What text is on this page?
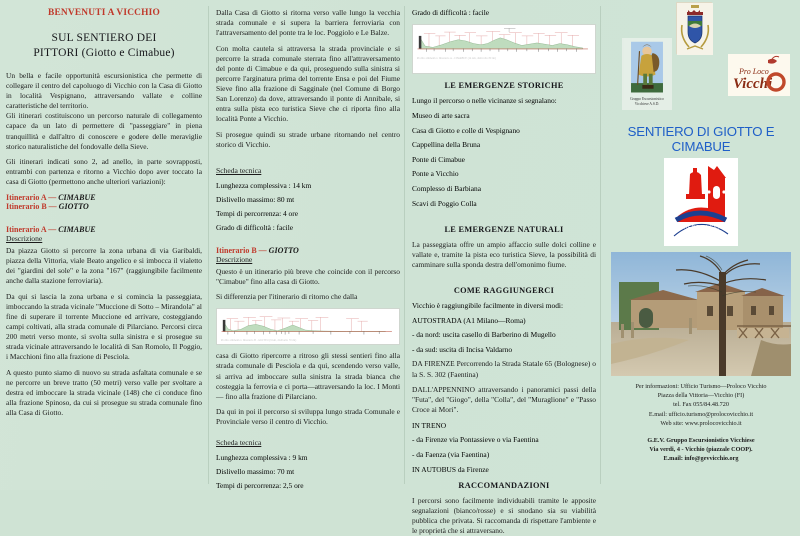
BENVENUTI A VICCHIO
SUL SENTIERO DEI
PITTORI (Giotto e Cimabue)

Un bella e facile opportunità escursionistica che permette di collegare il centro del capoluogo di Vicchio con la Casa di Giotto in località Vespignano, attraversando vallate e colline caratteristiche del territorio.

Gli itinerari costituiscono un percorso naturale di collegamento capace da un lato di permettere di "passeggiare" in piena tranquillità e dall'altro di conoscere e godere delle meraviglie storico naturalistiche del fondovalle della Sieve.

Gli itinerari indicati sono 2, ad anello, in parte sovrapposti, entrambi con partenza e ritorno a Vicchio dopo aver toccato la casa di Giotto (permettono anche ulteriori variazioni):

Itinerario A — CIMABUE
Itinerario B — GIOTTO
Itinerario A — CIMABUE
Descrizione

Da piazza Giotto si percorre la zona urbana di via Garibaldi, piazza della Vittoria, viale Beato angelico e si imbocca il vialetto dei "giardini del sole" e la zona "167" (raggiungibile facilmente anche dalla stazione ferroviaria).

Da qui si lascia la zona urbana e si comincia la passeggiata, imboccando la strada vicinale "Muccione di Sotto – Mirandola" al fine di superare il torrente Muccione ed arrivare, costeggiando campi coltivati, alla strada comunale di Pilarciano. Percorsi circa 200 metri verso monte, si svolta sulla sinistra e si prosegue su strada vicinale attraversando le località di San Romolo, Il Poggio, i Macchioni fino alla frazione di Pesciola.

A questo punto siamo di nuovo su strada asfaltata comunale e se ne percorre un breve tratto (50 metri) verso valle per svoltare a destra ed imboccare la strada vicinale (148) che ci conduce fino alla frazione Spinoso, da cui si prosegue su strada comunale fino alla Casa di Giotto.

Dalla Casa di Giotto si ritorna verso valle lungo la vecchia strada comunale e si supera la barriera ferroviaria con l'attraversamento del ponte tra le loc. Poggiolo e Le Balze.

Con molta cautela si attraversa la strada provinciale e si percorre la strada comunale sterrata fino all'attraversamento del ponte di Cimabue e da qui, proseguendo sulla sinistra si percorre l'arginatura prima del torrente Ensa e poi del Fiume Sieve fino alla frazione di Sagginale (nel Comune di Borgo San Lorenzo) da dove, attraversando il ponte di Annibale, si entra sulla pista eco turistica Sieve che ci riporta fino alla località Ponte a Vicchio.

Si prosegue quindi su strade urbane ritornando nel centro storico di Vicchio.

Scheda tecnica
Lunghezza complessiva : 14 km
Dislivello massimo: 80 mt
Tempi di percorrenza: 4 ore
Grado di difficoltà : facile
Itinerario B — GIOTTO
Descrizione

Questo è un itinerario più breve che coincide con il percorso "Cimabue" fino alla casa di Giotto.

Si differenzia per l'itinerario di ritorno che dalla

Profilo altimetrico Itinerario B - GIOTTO (9 km, dislivello 70 mt)

casa di Giotto ripercorre a ritroso gli stessi sentieri fino alla strada comunale di Pesciola e da qui, scendendo verso valle, si arriva ad imboccare sulla sinistra la strada bianca che costeggia la ferrovia e ci porta—attraversando la loc. I Monti — fino alla frazione di Pilarciano.

Da qui in poi il percorso si sviluppa lungo strada Comunale e Provinciale verso il centro di Vicchio.

Scheda tecnica
Lunghezza complessiva : 9 km
Dislivello massimo: 70 mt
Tempi di percorrenza: 2,5 ore
Grado di difficoltà : facile
Profilo altimetrico Itinerario A - CIMABUE (14 km, dislivello 80 mt)
LE EMERGENZE STORICHE
Lungo il percorso o nelle vicinanze si segnalano:
Museo di arte sacra
Casa di Giotto e colle di Vespignano
Cappellina della Bruna
Ponte di Cimabue
Ponte a Vicchio
Complesso di Barbiana
Scavi di Poggio Colla
LE EMERGENZE NATURALI

La passeggiata offre un ampio affaccio sulle dolci colline e vallate e, tramite la pista eco turistica Sieve, la possibilità di camminare sulla sponda destra dell'omonimo fiume.

COME RAGGIUNGERCI
Vicchio è raggiungibile facilmente in diversi modi:
AUTOSTRADA (A1 Milano—Roma)
- da nord: uscita casello di Barberino di Mugello
- da sud: uscita di Incisa Valdarno

DA FIRENZE Percorrendo la Strada Statale 65 (Bolognese) o la S. S. 302 (Faentina)

DALL'APPENNINO attraversando i panoramici passi della "Futa", del "Giogo", della "Colla", del "Muraglione" e "Passo Croce ai Mori".

IN TRENO
- da Firenze via Pontassieve o via Faentina
- da Faenza (via Faentina)
IN AUTOBUS da Firenze
RACCOMANDAZIONI

I percorsi sono facilmente individuabili tramite le apposite segnalazioni (bianco/rosse) e si snodano sia su viabilità pubblica che privata. Si raccomanda di rispettare l'ambiente e le proprietà che si attraversano.

Gruppo Escursionistico
Vicchiese A.S.D.
Pro Loco
Vicchi
SENTIERO DI GIOTTO E CIMABUE
SENTIERO DI GIOTTO
Per informazioni: Ufficio Turismo—Proloco Vicchio
Piazza della Vittoria—Vicchio (FI)
tel. Fax 055/84.48.720
E.mail: ufficio.turismo@prolocovicchio.it
Web site: www.prolocovicchio.it
G.E.V. Gruppo Escursionistico Vicchiese
Via verdi, 4 - Vicchio (piazzale COOP).
E.mail: info@gevvicchio.org
